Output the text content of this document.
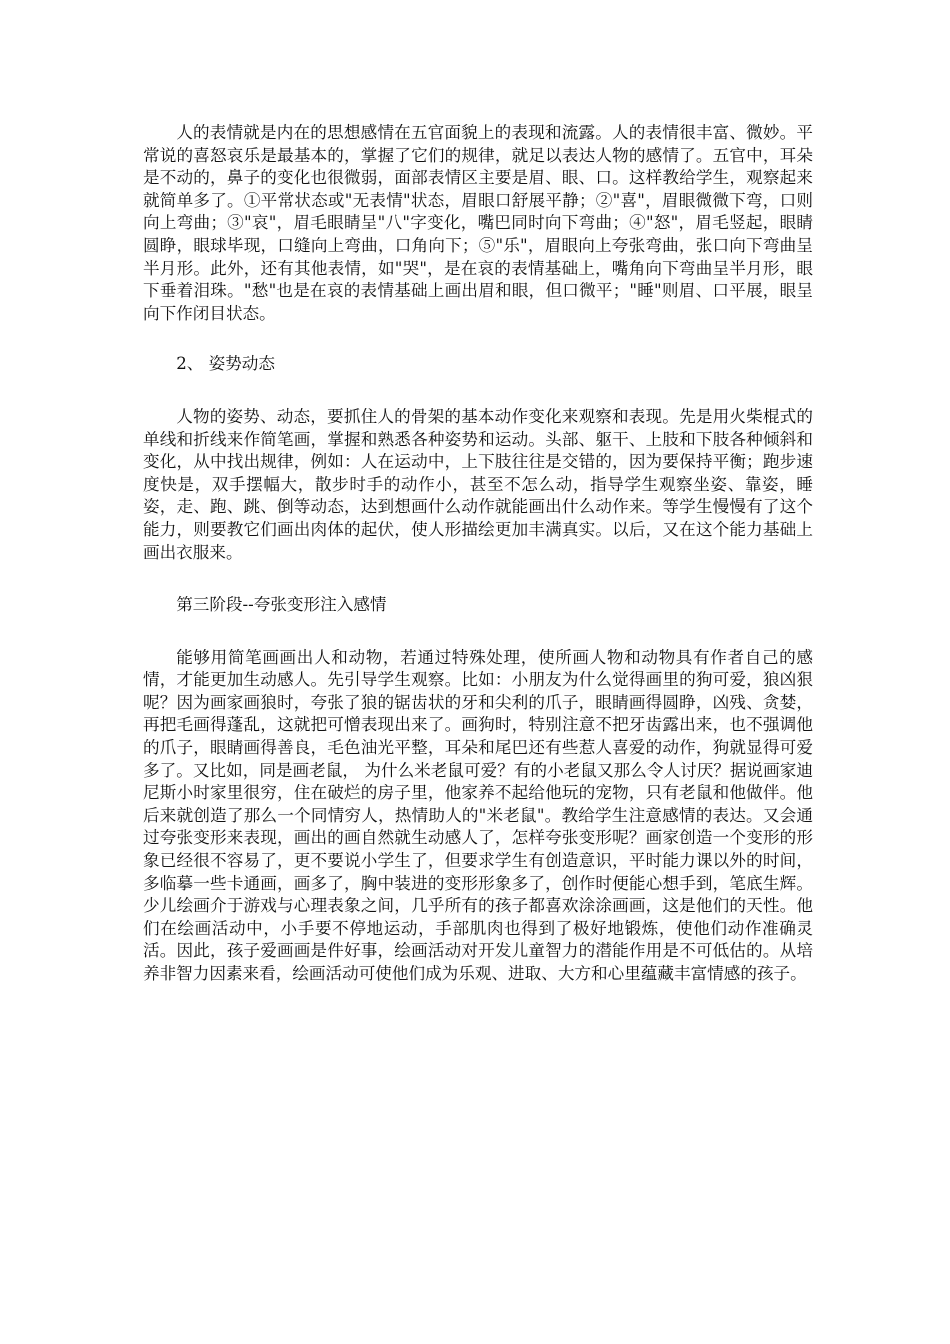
人的表情就是内在的思想感情在五官面貌上的表现和流露。人的表情很丰富、微妙。平常说的喜怒哀乐是最基本的，掌握了它们的规律，就足以表达人物的感情了。五官中，耳朵是不动的，鼻子的变化也很微弱，面部表情区主要是眉、眼、口。这样教给学生，观察起来就简单多了。①平常状态或"无表情"状态，眉眼口舒展平静；②"喜"，眉眼微微下弯，口则向上弯曲；③"哀"，眉毛眼睛呈"八"字变化，嘴巴同时向下弯曲；④"怒"，眉毛竖起，眼睛圆睁，眼球毕现，口缝向上弯曲，口角向下；⑤"乐"，眉眼向上夸张弯曲，张口向下弯曲呈半月形。此外，还有其他表情，如"哭"，是在哀的表情基础上，嘴角向下弯曲呈半月形，眼下垂着泪珠。"愁"也是在哀的表情基础上画出眉和眼，但口微平；"睡"则眉、口平展，眼呈向下作闭目状态。

2、 姿势动态

人物的姿势、动态，要抓住人的骨架的基本动作变化来观察和表现。先是用火柴棍式的单线和折线来作简笔画，掌握和熟悉各种姿势和运动。头部、躯干、上肢和下肢各种倾斜和变化，从中找出规律，例如：人在运动中，上下肢往往是交错的，因为要保持平衡；跑步速度快是，双手摆幅大，散步时手的动作小，甚至不怎么动，指导学生观察坐姿、靠姿，睡姿，走、跑、跳、倒等动态，达到想画什么动作就能画出什么动作来。等学生慢慢有了这个能力，则要教它们画出肉体的起伏，使人形描绘更加丰满真实。以后，又在这个能力基础上画出衣服来。

第三阶段--夸张变形注入感情

能够用简笔画画出人和动物，若通过特殊处理，使所画人物和动物具有作者自己的感情，才能更加生动感人。先引导学生观察。比如：小朋友为什么觉得画里的狗可爱，狼凶狠呢？因为画家画狼时，夸张了狼的锯齿状的牙和尖利的爪子，眼睛画得圆睁，凶残、贪婪，再把毛画得蓬乱，这就把可憎表现出来了。画狗时，特别注意不把牙齿露出来，也不强调他的爪子，眼睛画得善良，毛色油光平整，耳朵和尾巴还有些惹人喜爱的动作，狗就显得可爱多了。又比如，同是画老鼠， 为什么米老鼠可爱？有的小老鼠又那么令人讨厌？据说画家迪尼斯小时家里很穷，住在破烂的房子里，他家养不起给他玩的宠物，只有老鼠和他做伴。他后来就创造了那么一个同情穷人，热情助人的"米老鼠"。教给学生注意感情的表达。又会通过夸张变形来表现，画出的画自然就生动感人了，怎样夸张变形呢？画家创造一个变形的形象已经很不容易了，更不要说小学生了，但要求学生有创造意识，平时能力课以外的时间，多临摹一些卡通画，画多了，胸中装进的变形形象多了，创作时便能心想手到，笔底生辉。 少儿绘画介于游戏与心理表象之间，几乎所有的孩子都喜欢涂涂画画，这是他们的天性。他们在绘画活动中，小手要不停地运动，手部肌肉也得到了极好地锻炼，使他们动作准确灵活。因此，孩子爱画画是件好事，绘画活动对开发儿童智力的潜能作用是不可低估的。从培养非智力因素来看，绘画活动可使他们成为乐观、进取、大方和心里蕴藏丰富情感的孩子。
